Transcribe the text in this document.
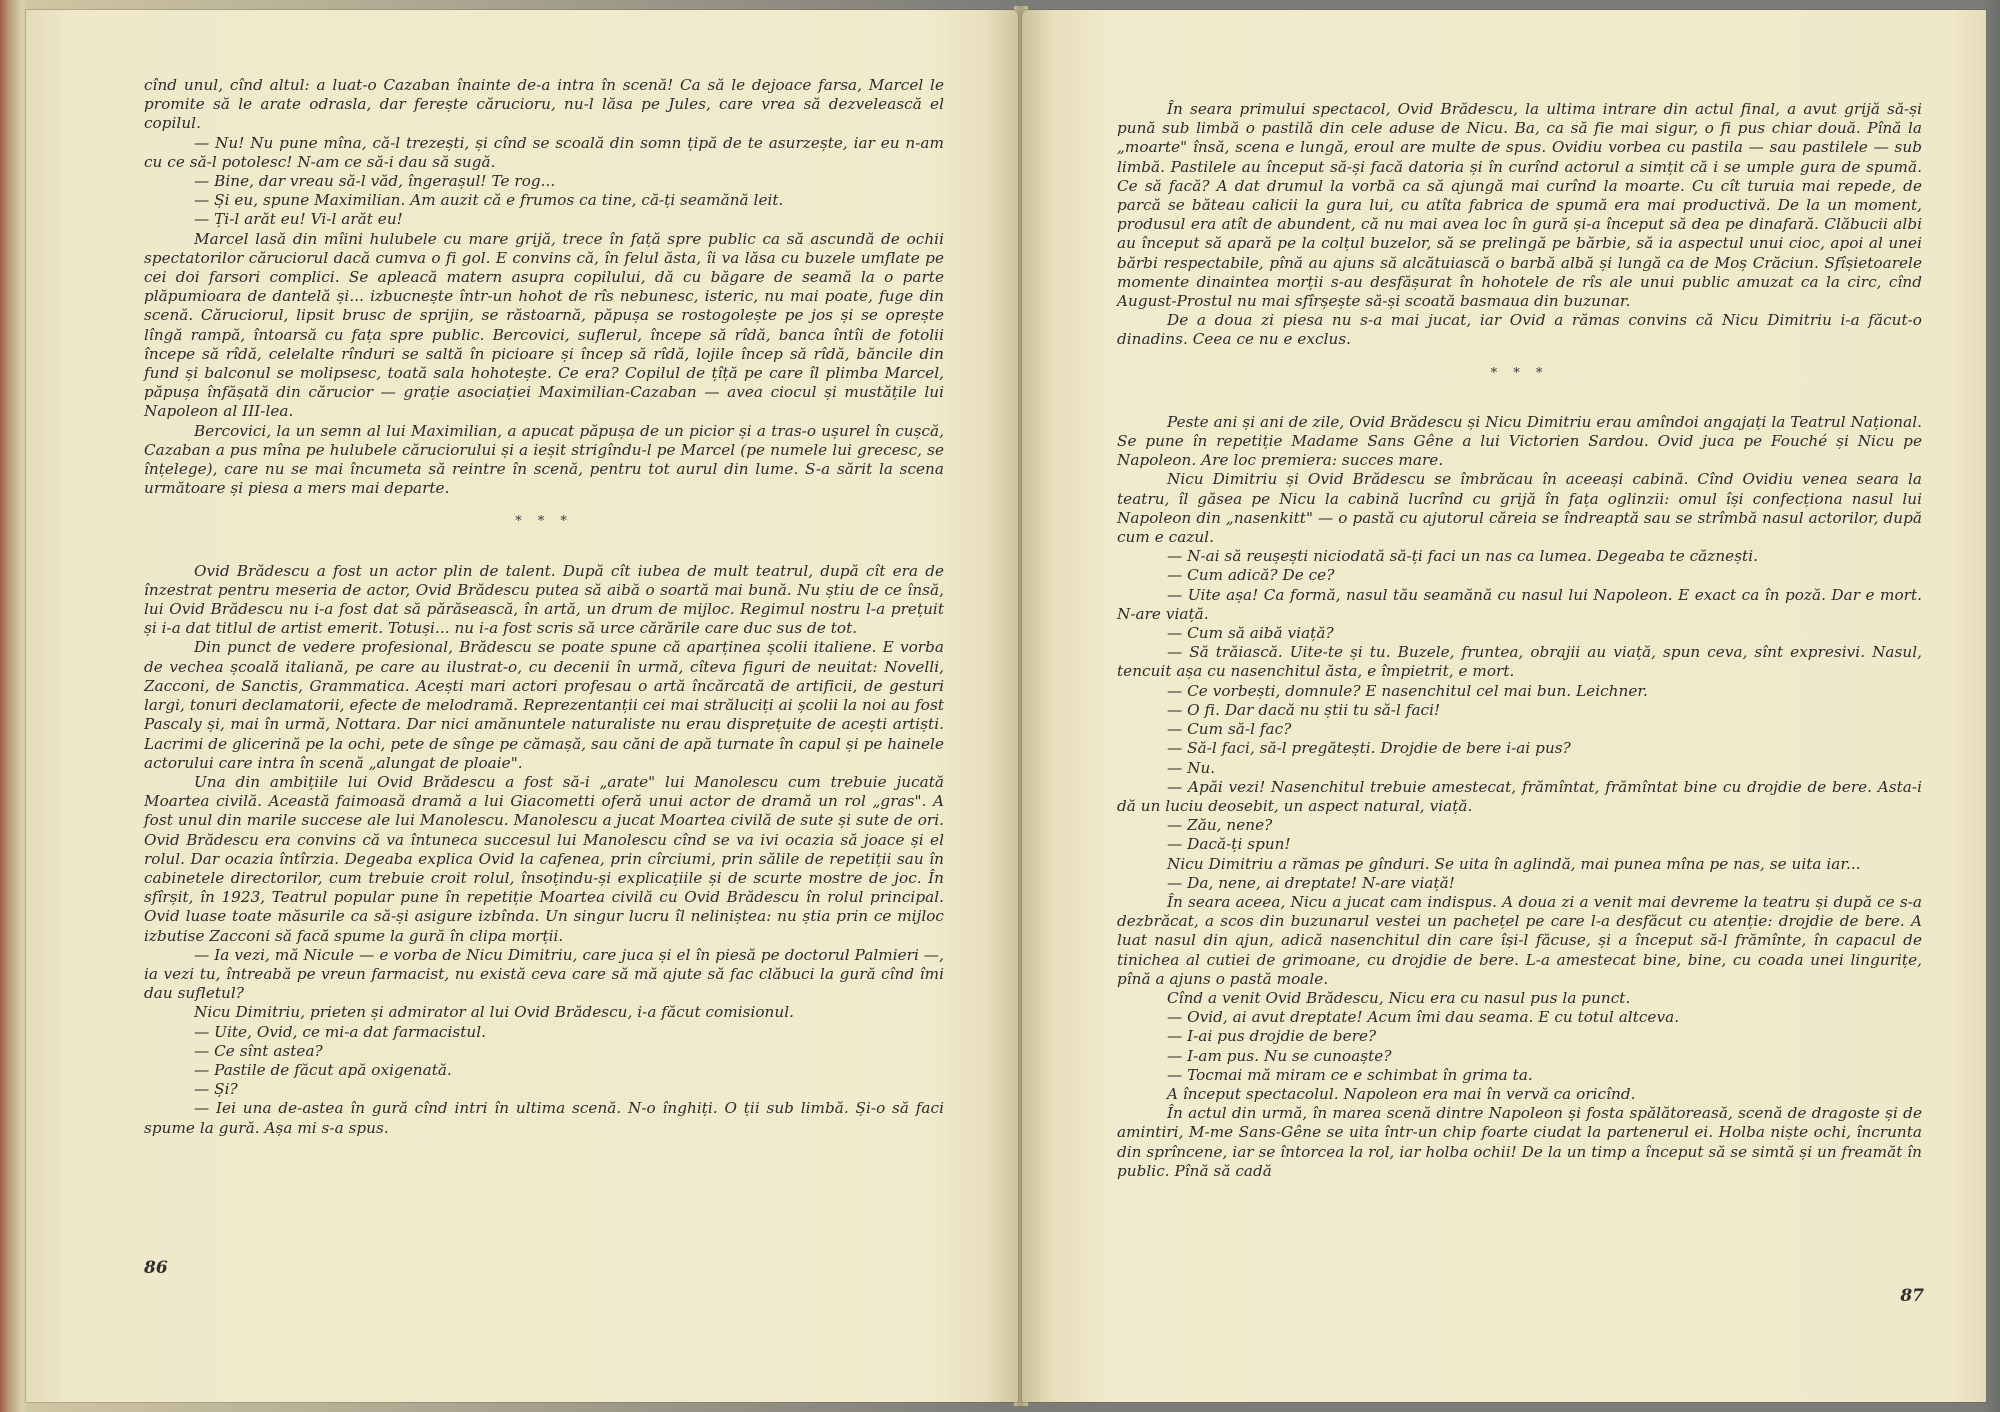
cînd unul, cînd altul: a luat-o Cazaban înainte de-a intra în scenă! Ca să le dejoace farsa, Marcel le promite să le arate odrasla, dar ferește cărucioru, nu-l lăsa pe Jules, care vrea să dezvelească el copilul.

— Nu! Nu pune mîna, că-l trezești, și cînd se scoală din somn țipă de te asurzește, iar eu n-am cu ce să-l potolesc! N-am ce să-i dau să sugă.

— Bine, dar vreau să-l văd, îngerașul! Te rog...

— Și eu, spune Maximilian. Am auzit că e frumos ca tine, că-ți seamănă leit.

— Ți-l arăt eu! Vi-l arăt eu!

Marcel lasă din mîini hulubele cu mare grijă, trece în față spre public ca să ascundă de ochii spectatorilor căruciorul dacă cumva o fi gol. E convins că, în felul ăsta, îi va lăsa cu buzele umflate pe cei doi farsori complici. Se apleacă matern asupra copilului, dă cu băgare de seamă la o parte plăpumioara de dantelă și... izbucnește într-un hohot de rîs nebunesc, isteric, nu mai poate, fuge din scenă. Căruciorul, lipsit brusc de sprijin, se răstoarnă, păpușa se rostogolește pe jos și se oprește lîngă rampă, întoarsă cu fața spre public. Bercovici, suflerul, începe să rîdă, banca întîi de fotolii începe să rîdă, celelalte rînduri se saltă în picioare și încep să rîdă, lojile încep să rîdă, băncile din fund și balconul se molipsesc, toată sala hohotește. Ce era? Copilul de țîță pe care îl plimba Marcel, păpușa înfășată din cărucior — grație asociației Maximilian-Cazaban — avea ciocul și mustățile lui Napoleon al III-lea.

Bercovici, la un semn al lui Maximilian, a apucat păpușa de un picior și a tras-o ușurel în cușcă, Cazaban a pus mîna pe hulubele căruciorului și a ieșit strigîndu-l pe Marcel (pe numele lui grecesc, se înțelege), care nu se mai încumeta să reintre în scenă, pentru tot aurul din lume. S-a sărit la scena următoare și piesa a mers mai departe.

* * *

Ovid Brădescu a fost un actor plin de talent. După cît iubea de mult teatrul, după cît era de înzestrat pentru meseria de actor, Ovid Brădescu putea să aibă o soartă mai bună. Nu știu de ce însă, lui Ovid Brădescu nu i-a fost dat să părăsească, în artă, un drum de mijloc. Regimul nostru l-a prețuit și i-a dat titlul de artist emerit. Totuși... nu i-a fost scris să urce cărările care duc sus de tot.

Din punct de vedere profesional, Brădescu se poate spune că aparținea școlii italiene. E vorba de vechea școală italiană, pe care au ilustrat-o, cu decenii în urmă, cîteva figuri de neuitat: Novelli, Zacconi, de Sanctis, Grammatica. Acești mari actori profesau o artă încărcată de artificii, de gesturi largi, tonuri declamatorii, efecte de melodramă. Reprezentanții cei mai străluciți ai școlii la noi au fost Pascaly și, mai în urmă, Nottara. Dar nici amănuntele naturaliste nu erau disprețuite de acești artiști. Lacrimi de glicerină pe la ochi, pete de sînge pe cămașă, sau căni de apă turnate în capul și pe hainele actorului care intra în scenă „alungat de ploaie".

Una din ambițiile lui Ovid Brădescu a fost să-i „arate" lui Manolescu cum trebuie jucată Moartea civilă. Această faimoasă dramă a lui Giacometti oferă unui actor de dramă un rol „gras". A fost unul din marile succese ale lui Manolescu. Manolescu a jucat Moartea civilă de sute și sute de ori. Ovid Brădescu era convins că va întuneca succesul lui Manolescu cînd se va ivi ocazia să joace și el rolul. Dar ocazia întîrzia. Degeaba explica Ovid la cafenea, prin cîrciumi, prin sălile de repetiții sau în cabinetele directorilor, cum trebuie croit rolul, însoțindu-și explicațiile și de scurte mostre de joc. În sfîrșit, în 1923, Teatrul popular pune în repetiție Moartea civilă cu Ovid Brădescu în rolul principal. Ovid luase toate măsurile ca să-și asigure izbînda. Un singur lucru îl neliniștea: nu știa prin ce mijloc izbutise Zacconi să facă spume la gură în clipa morții.

— Ia vezi, mă Nicule — e vorba de Nicu Dimitriu, care juca și el în piesă pe doctorul Palmieri —, ia vezi tu, întreabă pe vreun farmacist, nu există ceva care să mă ajute să fac clăbuci la gură cînd îmi dau sufletul?

Nicu Dimitriu, prieten și admirator al lui Ovid Brădescu, i-a făcut comisionul.

— Uite, Ovid, ce mi-a dat farmacistul.

— Ce sînt astea?

— Pastile de făcut apă oxigenată.

— Și?

— Iei una de-astea în gură cînd intri în ultima scenă. N-o înghiți. O ții sub limbă. Și-o să faci spume la gură. Așa mi s-a spus.

86

În seara primului spectacol, Ovid Brădescu, la ultima intrare din actul final, a avut grijă să-și pună sub limbă o pastilă din cele aduse de Nicu. Ba, ca să fie mai sigur, o fi pus chiar două. Pînă la „moarte" însă, scena e lungă, eroul are multe de spus. Ovidiu vorbea cu pastila — sau pastilele — sub limbă. Pastilele au început să-și facă datoria și în curînd actorul a simțit că i se umple gura de spumă. Ce să facă? A dat drumul la vorbă ca să ajungă mai curînd la moarte. Cu cît turuia mai repede, de parcă se băteau calicii la gura lui, cu atîta fabrica de spumă era mai productivă. De la un moment, produsul era atît de abundent, că nu mai avea loc în gură și-a început să dea pe dinafară. Clăbucii albi au început să apară pe la colțul buzelor, să se prelingă pe bărbie, să ia aspectul unui cioc, apoi al unei bărbi respectabile, pînă au ajuns să alcătuiască o barbă albă și lungă ca de Moș Crăciun. Sfîșietoarele momente dinaintea morții s-au desfășurat în hohotele de rîs ale unui public amuzat ca la circ, cînd August-Prostul nu mai sfîrșește să-și scoată basmaua din buzunar.

De a doua zi piesa nu s-a mai jucat, iar Ovid a rămas convins că Nicu Dimitriu i-a făcut-o dinadins. Ceea ce nu e exclus.

* * *

Peste ani și ani de zile, Ovid Brădescu și Nicu Dimitriu erau amîndoi angajați la Teatrul Național. Se pune în repetiție Madame Sans Gêne a lui Victorien Sardou. Ovid juca pe Fouché și Nicu pe Napoleon. Are loc premiera: succes mare.

Nicu Dimitriu și Ovid Brădescu se îmbrăcau în aceeași cabină. Cînd Ovidiu venea seara la teatru, îl găsea pe Nicu la cabină lucrînd cu grijă în fața oglinzii: omul își confecționa nasul lui Napoleon din „nasenkitt" — o pastă cu ajutorul căreia se îndreaptă sau se strîmbă nasul actorilor, după cum e cazul.

— N-ai să reușești niciodată să-ți faci un nas ca lumea. Degeaba te căznești.

— Cum adică? De ce?

— Uite așa! Ca formă, nasul tău seamănă cu nasul lui Napoleon. E exact ca în poză. Dar e mort. N-are viață.

— Cum să aibă viață?

— Să trăiască. Uite-te și tu. Buzele, fruntea, obrajii au viață, spun ceva, sînt expresivi. Nasul, tencuit așa cu nasenchitul ăsta, e împietrit, e mort.

— Ce vorbești, domnule? E nasenchitul cel mai bun. Leichner.

— O fi. Dar dacă nu știi tu să-l faci!

— Cum să-l fac?

— Să-l faci, să-l pregătești. Drojdie de bere i-ai pus?

— Nu.

— Apăi vezi! Nasenchitul trebuie amestecat, frămîntat, frămîntat bine cu drojdie de bere. Asta-i dă un luciu deosebit, un aspect natural, viață.

— Zău, nene?

— Dacă-ți spun!

Nicu Dimitriu a rămas pe gînduri. Se uita în aglindă, mai punea mîna pe nas, se uita iar...

— Da, nene, ai dreptate! N-are viață!

În seara aceea, Nicu a jucat cam indispus. A doua zi a venit mai devreme la teatru și după ce s-a dezbrăcat, a scos din buzunarul vestei un pachețel pe care l-a desfăcut cu atenție: drojdie de bere. A luat nasul din ajun, adică nasenchitul din care își-l făcuse, și a început să-l frămînte, în capacul de tinichea al cutiei de grimoane, cu drojdie de bere. L-a amestecat bine, bine, cu coada unei lingurițe, pînă a ajuns o pastă moale.

Cînd a venit Ovid Brădescu, Nicu era cu nasul pus la punct.

— Ovid, ai avut dreptate! Acum îmi dau seama. E cu totul altceva.

— I-ai pus drojdie de bere?

— I-am pus. Nu se cunoaște?

— Tocmai mă miram ce e schimbat în grima ta.

A început spectacolul. Napoleon era mai în vervă ca oricînd.

În actul din urmă, în marea scenă dintre Napoleon și fosta spălătoreasă, scenă de dragoste și de amintiri, M-me Sans-Gêne se uita într-un chip foarte ciudat la partenerul ei. Holba niște ochi, încrunta din sprîncene, iar se întorcea la rol, iar holba ochii! De la un timp a început să se simtă și un freamăt în public. Pînă să cadă

87
